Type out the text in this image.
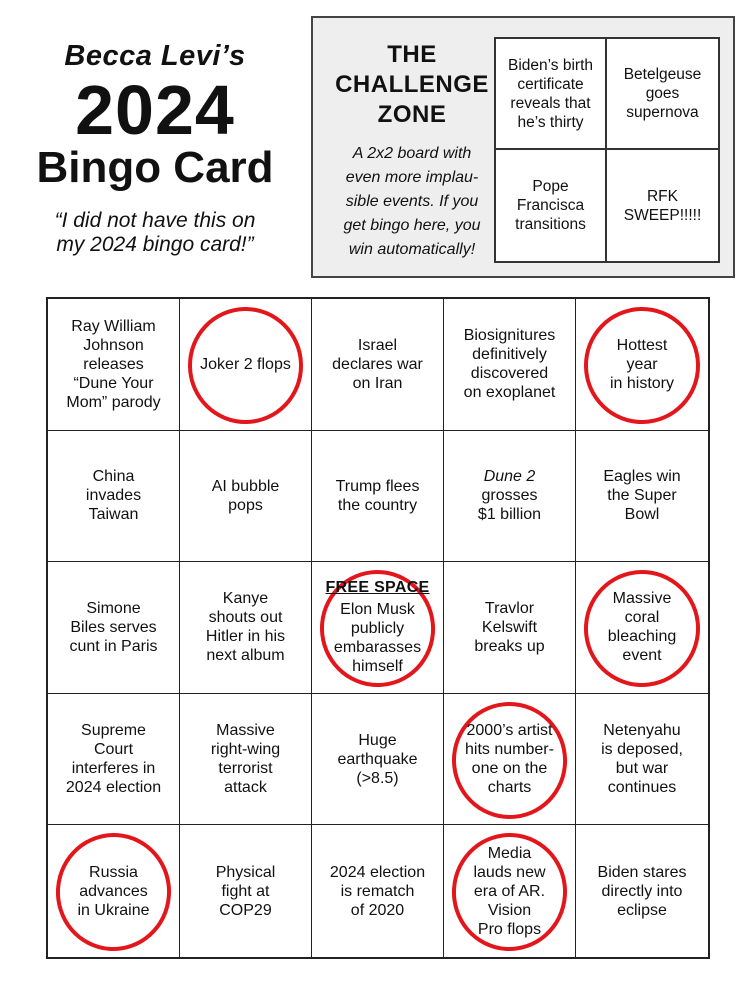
Becca Levi’s
2024
Bingo Card
“I did not have this on
my 2024 bingo card!”
THE
CHALLENGE
ZONE
A 2x2 board with
even more implau-
sible events. If you
get bingo here, you
win automatically!
Biden’s birth
certificate
reveals that
he’s thirty
Betelgeuse
goes
supernova
Pope
Francisca
transitions
RFK
SWEEP!!!!!
Ray William
Johnson
releases
“Dune Your
Mom” parody
Joker 2 flops
Israel
declares war
on Iran
Biosignitures
definitively
discovered
on exoplanet
Hottest
year
in history
China
invades
Taiwan
AI bubble
pops
Trump flees
the country
Dune 2
grosses
$1 billion
Eagles win
the Super
Bowl
Simone
Biles serves
cunt in Paris
Kanye
shouts out
Hitler in his
next album
FREE SPACE
Elon Musk
publicly
embarasses
himself
Travlor
Kelswift
breaks up
Massive
coral
bleaching
event
Supreme
Court
interferes in
2024 election
Massive
right-wing
terrorist
attack
Huge
earthquake
(>8.5)
2000’s artist
hits number-
one on the
charts
Netenyahu
is deposed,
but war
continues
Russia
advances
in Ukraine
Physical
fight at
COP29
2024 election
is rematch
of 2020
Media
lauds new
era of AR.
Vision
Pro flops
Biden stares
directly into
eclipse
